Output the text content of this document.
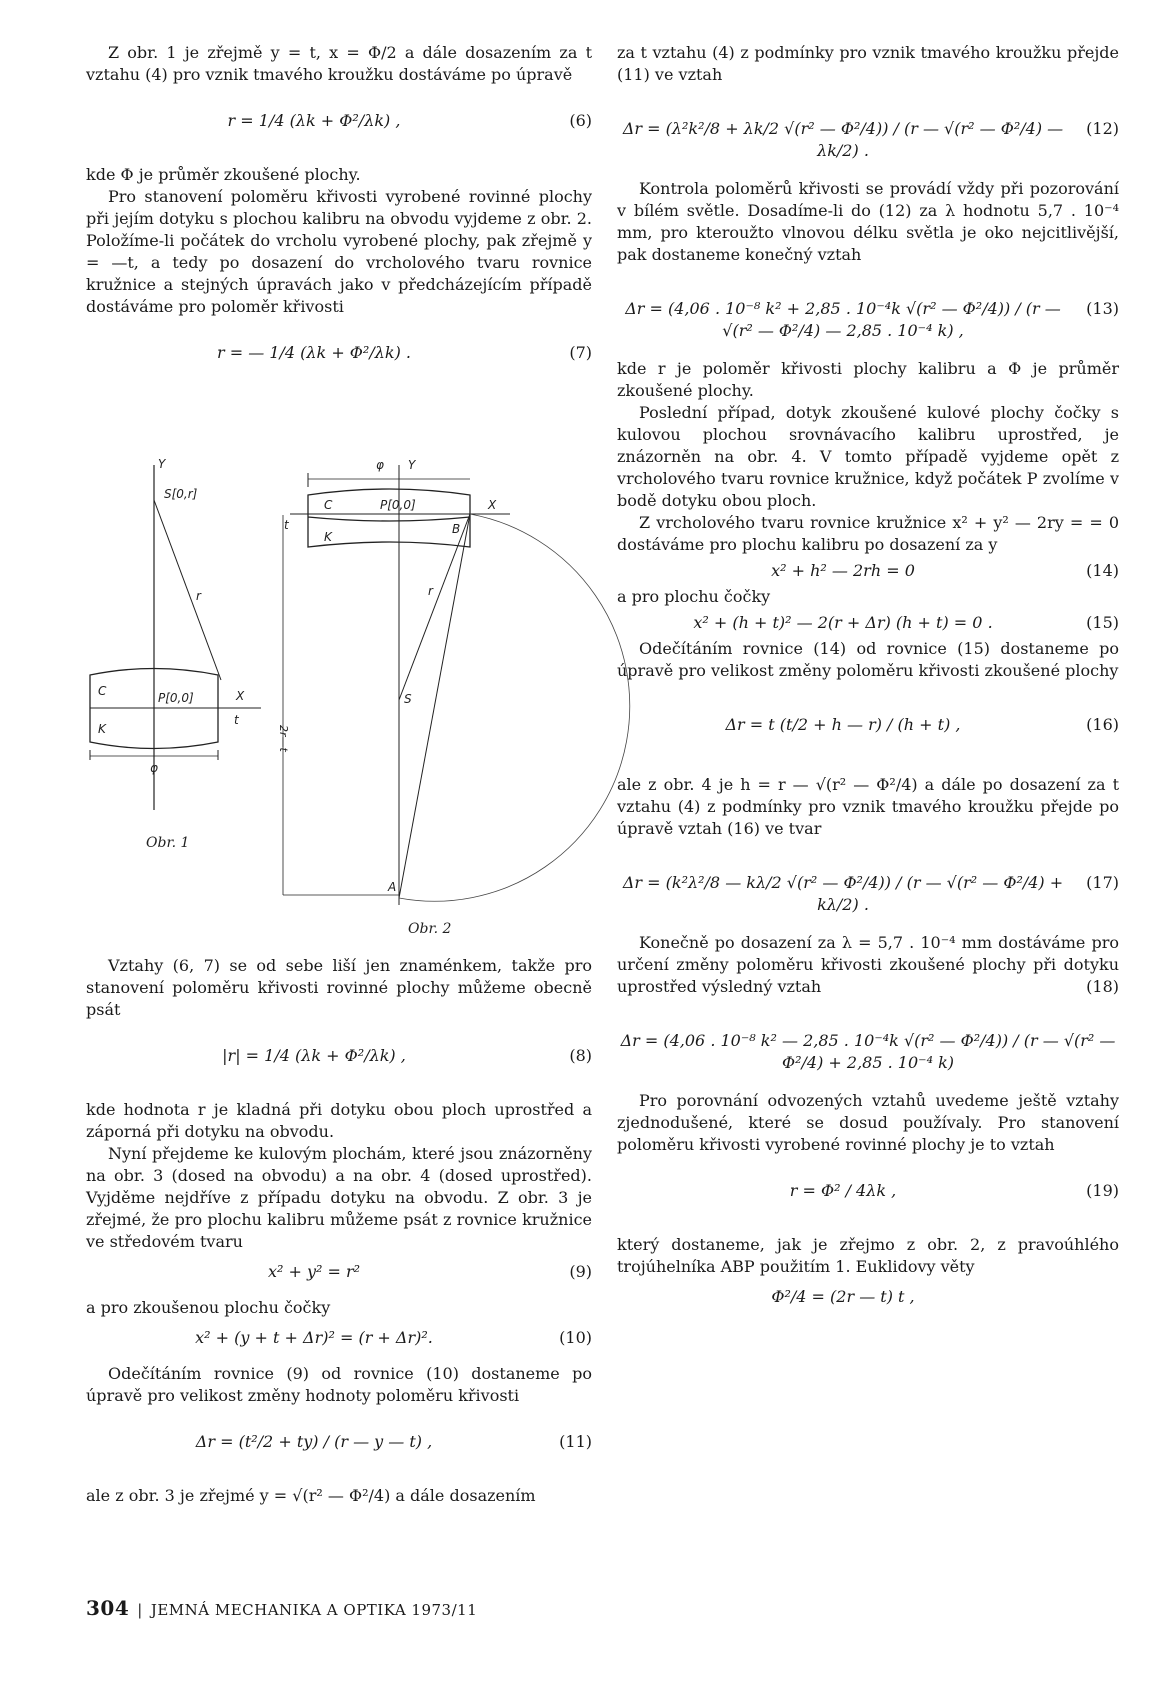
Z obr. 1 je zřejmě y = t, x = Φ/2 a dále dosazením za t vztahu (4) pro vznik tmavého kroužku dostáváme po úpravě

r = 1/4 (λk + Φ²/λk) ,	(6)

kde Φ je průměr zkoušené plochy.

Pro stanovení poloměru křivosti vyrobené rovinné plochy při jejím dotyku s plochou kalibru na obvodu vyjdeme z obr. 2. Položíme-li počátek do vrcholu vyrobené plochy, pak zřejmě y = —t, a tedy po dosazení do vrcholového tvaru rovnice kružnice a stejných úpravách jako v předcházejícím případě dostáváme pro poloměr křivosti

r = — 1/4 (λk + Φ²/λk) .	(7)
Y
S[0,r]
r
C	P[0,0]	X
t
K
φ
Obr. 1
φ Y
C	P[0,0]	X
B
K
t
2r—t
r
S
A
Obr. 2

Vztahy (6, 7) se od sebe liší jen znaménkem, takže pro stanovení poloměru křivosti rovinné plochy můžeme obecně psát

|r| = 1/4 (λk + Φ²/λk) ,	(8)

kde hodnota r je kladná při dotyku obou ploch uprostřed a záporná při dotyku na obvodu.

Nyní přejdeme ke kulovým plochám, které jsou znázorněny na obr. 3 (dosed na obvodu) a na obr. 4 (dosed uprostřed). Vyjděme nejdříve z případu dotyku na obvodu. Z obr. 3 je zřejmé, že pro plochu kalibru můžeme psát z rovnice kružnice ve středovém tvaru

x² + y² = r²	(9)

a pro zkoušenou plochu čočky

x² + (y + t + Δr)² = (r + Δr)².	(10)

Odečítáním rovnice (9) od rovnice (10) dostaneme po úpravě pro velikost změny hodnoty poloměru křivosti

Δr = (t²/2 + ty) / (r — y — t) ,	(11)

ale z obr. 3 je zřejmé y = √(r² — Φ²/4) a dále dosazením

za t vztahu (4) z podmínky pro vznik tmavého kroužku přejde (11) ve vztah

Δr = (λ²k²/8 + λk/2 √(r² — Φ²/4)) / (r — √(r² — Φ²/4) — λk/2) .
(12)

Kontrola poloměrů křivosti se provádí vždy při pozorování v bílém světle. Dosadíme-li do (12) za λ hodnotu 5,7 . 10⁻⁴ mm, pro kteroužto vlnovou délku světla je oko nejcitlivější, pak dostaneme konečný vztah

Δr = (4,06 . 10⁻⁸ k² + 2,85 . 10⁻⁴k √(r² — Φ²/4)) / (r — √(r² — Φ²/4) — 2,85 . 10⁻⁴ k) ,
(13)

kde r je poloměr křivosti plochy kalibru a Φ je průměr zkoušené plochy.

Poslední případ, dotyk zkoušené kulové plochy čočky s kulovou plochou srovnávacího kalibru uprostřed, je znázorněn na obr. 4. V tomto případě vyjdeme opět z vrcholového tvaru rovnice kružnice, když počátek P zvolíme v bodě dotyku obou ploch.

Z vrcholového tvaru rovnice kružnice x² + y² — 2ry = = 0 dostáváme pro plochu kalibru po dosazení za y

x² + h² — 2rh = 0	(14)

a pro plochu čočky

x² + (h + t)² — 2(r + Δr) (h + t) = 0 .	(15)

Odečítáním rovnice (14) od rovnice (15) dostaneme po úpravě pro velikost změny poloměru křivosti zkoušené plochy

Δr = t (t/2 + h — r) / (h + t) ,	(16)

ale z obr. 4 je h = r — √(r² — Φ²/4) a dále po dosazení za t vztahu (4) z podmínky pro vznik tmavého kroužku přejde po úpravě vztah (16) ve tvar

Δr = (k²λ²/8 — kλ/2 √(r² — Φ²/4)) / (r — √(r² — Φ²/4) + kλ/2) .
(17)

Konečně po dosazení za λ = 5,7 . 10⁻⁴ mm dostáváme pro určení změny poloměru křivosti zkoušené plochy při dotyku uprostřed výsledný vztah	(18)

Δr = (4,06 . 10⁻⁸ k² — 2,85 . 10⁻⁴k √(r² — Φ²/4)) / (r — √(r² — Φ²/4) + 2,85 . 10⁻⁴ k)

Pro porovnání odvozených vztahů uvedeme ještě vztahy zjednodušené, které se dosud používaly. Pro stanovení poloměru křivosti vyrobené rovinné plochy je to vztah

r = Φ² / 4λk ,	(19)

který dostaneme, jak je zřejmo z obr. 2, z pravoúhlého trojúhelníka ABP použitím 1. Euklidovy věty

Φ²/4 = (2r — t) t ,
304 | JEMNÁ MECHANIKA A OPTIKA 1973/11
